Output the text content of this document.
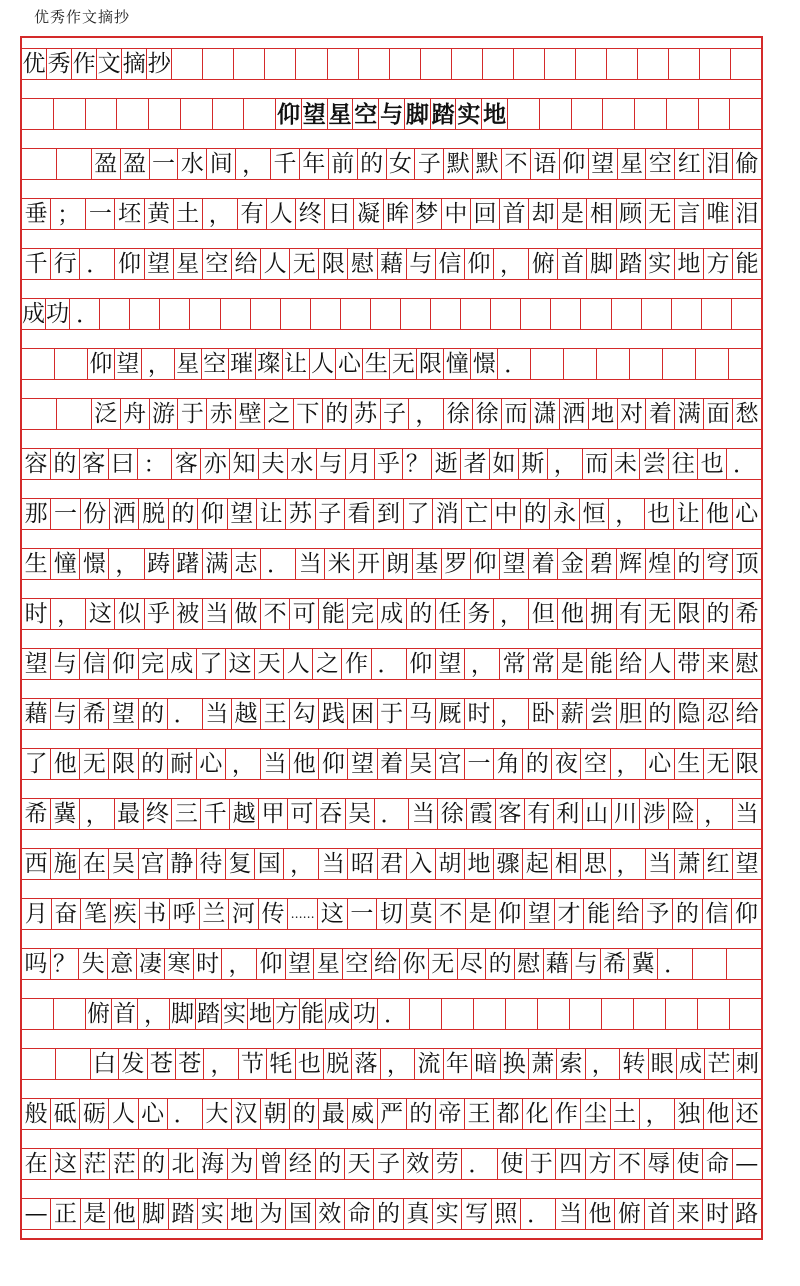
优秀作文摘抄
优 秀 作 文 摘 抄
仰 望 星 空 与 脚 踏 实 地
盈 盈 一 水 间 ， 千 年 前 的 女 子 默 默 不 语 仰 望 星 空 红 泪 偷
垂 ； 一 坯 黄 土 ， 有 人 终 日 凝 眸 梦 中 回 首 却 是 相 顾 无 言 唯 泪
千 行 ． 仰 望 星 空 给 人 无 限 慰 藉 与 信 仰 ， 俯 首 脚 踏 实 地 方 能
成 功 ．
仰 望 ， 星 空 璀 璨 让 人 心 生 无 限 憧 憬 ．
泛 舟 游 于 赤 壁 之 下 的 苏 子 ， 徐 徐 而 潇 洒 地 对 着 满 面 愁
容 的 客 曰 ： 客 亦 知 夫 水 与 月 乎 ？ 逝 者 如 斯 ， 而 未 尝 往 也 ．
那 一 份 洒 脱 的 仰 望 让 苏 子 看 到 了 消 亡 中 的 永 恒 ， 也 让 他 心
生 憧 憬 ， 踌 躇 满 志 ． 当 米 开 朗 基 罗 仰 望 着 金 碧 辉 煌 的 穹 顶
时 ， 这 似 乎 被 当 做 不 可 能 完 成 的 任 务 ， 但 他 拥 有 无 限 的 希
望 与 信 仰 完 成 了 这 天 人 之 作 ． 仰 望 ， 常 常 是 能 给 人 带 来 慰
藉 与 希 望 的 ． 当 越 王 勾 践 困 于 马 厩 时 ， 卧 薪 尝 胆 的 隐 忍 给
了 他 无 限 的 耐 心 ， 当 他 仰 望 着 吴 宫 一 角 的 夜 空 ， 心 生 无 限
希 冀 ， 最 终 三 千 越 甲 可 吞 吴 ． 当 徐 霞 客 有 利 山 川 涉 险 ， 当
西 施 在 吴 宫 静 待 复 国 ， 当 昭 君 入 胡 地 骤 起 相 思 ， 当 萧 红 望
月 奋 笔 疾 书 呼 兰 河 传 …… 这 一 切 莫 不 是 仰 望 才 能 给 予 的 信 仰
吗 ？ 失 意 凄 寒 时 ， 仰 望 星 空 给 你 无 尽 的 慰 藉 与 希 冀 ．
俯 首 ， 脚 踏 实 地 方 能 成 功 ．
白 发 苍 苍 ， 节 牦 也 脱 落 ， 流 年 暗 换 萧 索 ， 转 眼 成 芒 刺
般 砥 砺 人 心 ． 大 汉 朝 的 最 威 严 的 帝 王 都 化 作 尘 土 ， 独 他 还
在 这 茫 茫 的 北 海 为 曾 经 的 天 子 效 劳 ． 使 于 四 方 不 辱 使 命 —
— 正 是 他 脚 踏 实 地 为 国 效 命 的 真 实 写 照 ． 当 他 俯 首 来 时 路
